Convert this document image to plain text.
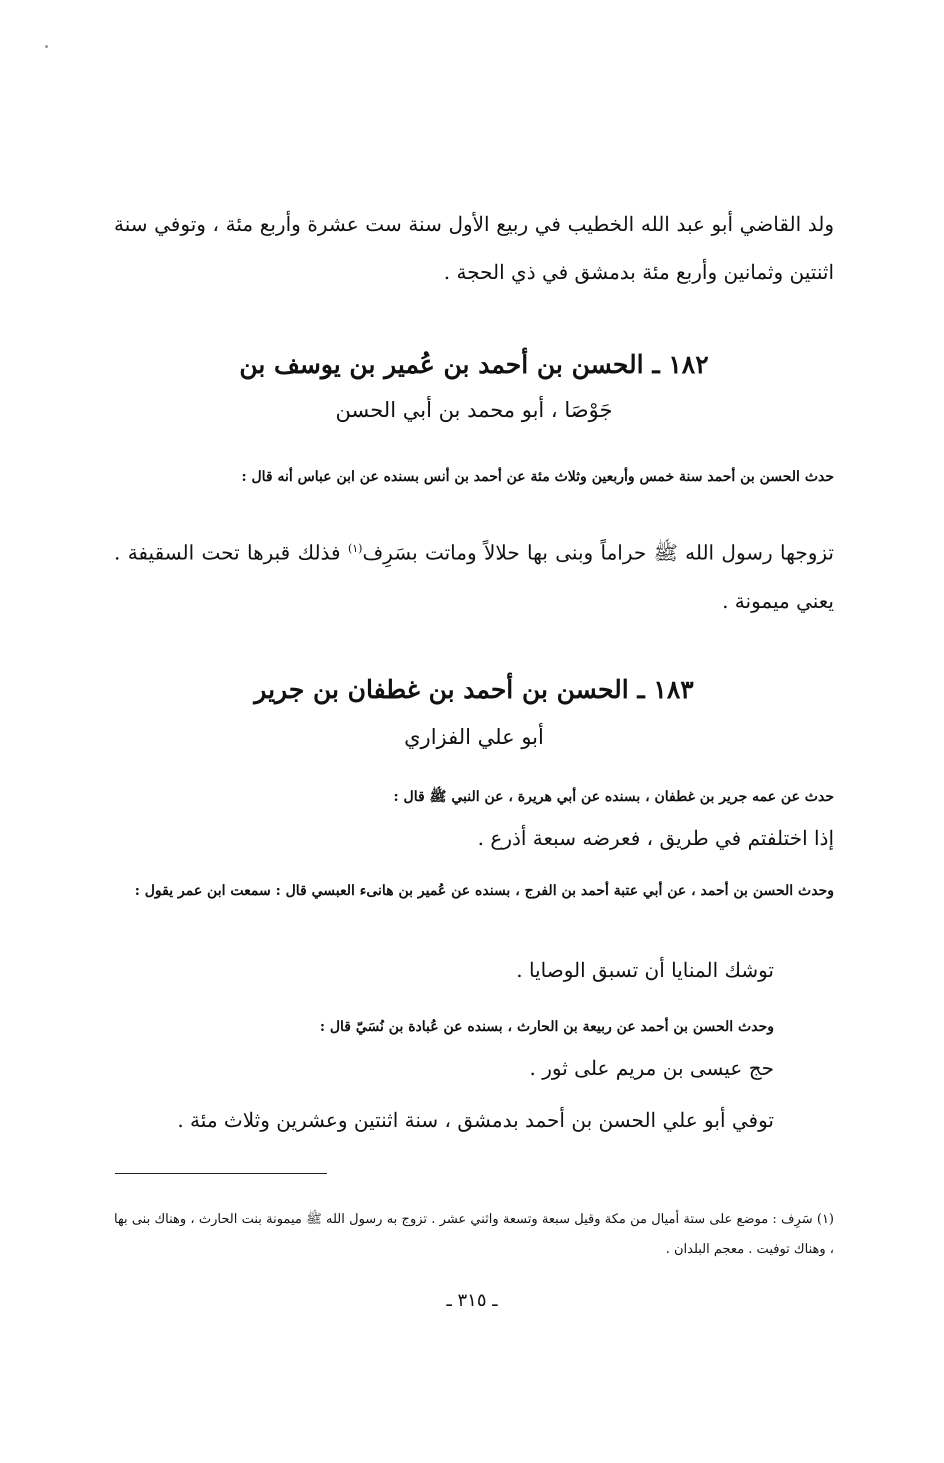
ولد القاضي أبو عبد الله الخطيب في ربيع الأول سنة ست عشرة وأربع مئة ، وتوفي سنة اثنتين وثمانين وأربع مئة بدمشق في ذي الحجة .

١٨٢ ـ الحسن بن أحمد بن عُمير بن يوسف بن
جَوْصَا ، أبو محمد بن أبي الحسن

حدث الحسن بن أحمد سنة خمس وأربعين وثلاث مئة عن أحمد بن أنس بسنده عن ابن عباس أنه قال :

تزوجها رسول الله ﷺ حراماً وبنى بها حلالاً وماتت بسَرِف$^{(١)}$ فذلك قبرها تحت السقيفة . يعني ميمونة .

١٨٣ ـ الحسن بن أحمد بن غطفان بن جرير
أبو علي الفزاري

حدث عن عمه جرير بن غطفان ، بسنده عن أبي هريرة ، عن النبي ﷺ قال :

إذا اختلفتم في طريق ، فعرضه سبعة أذرع .

وحدث الحسن بن أحمد ، عن أبي عتبة أحمد بن الفرج ، بسنده عن عُمير بن هانىء العبسي قال : سمعت ابن عمر يقول :

توشك المنايا أن تسبق الوصايا .

وحدث الحسن بن أحمد عن ربيعة بن الحارث ، بسنده عن عُبادة بن نُسَيّ قال :

حج عيسى بن مريم على ثور .

توفي أبو علي الحسن بن أحمد بدمشق ، سنة اثنتين وعشرين وثلاث مئة .

(١) سَرِف : موضع على ستة أميال من مكة وقيل سبعة وتسعة واثني عشر . تزوج به رسول الله ﷺ ميمونة بنت الحارث ، وهناك بنى بها ، وهناك توفيت . معجم البلدان .

ـ ٣١٥ ـ
